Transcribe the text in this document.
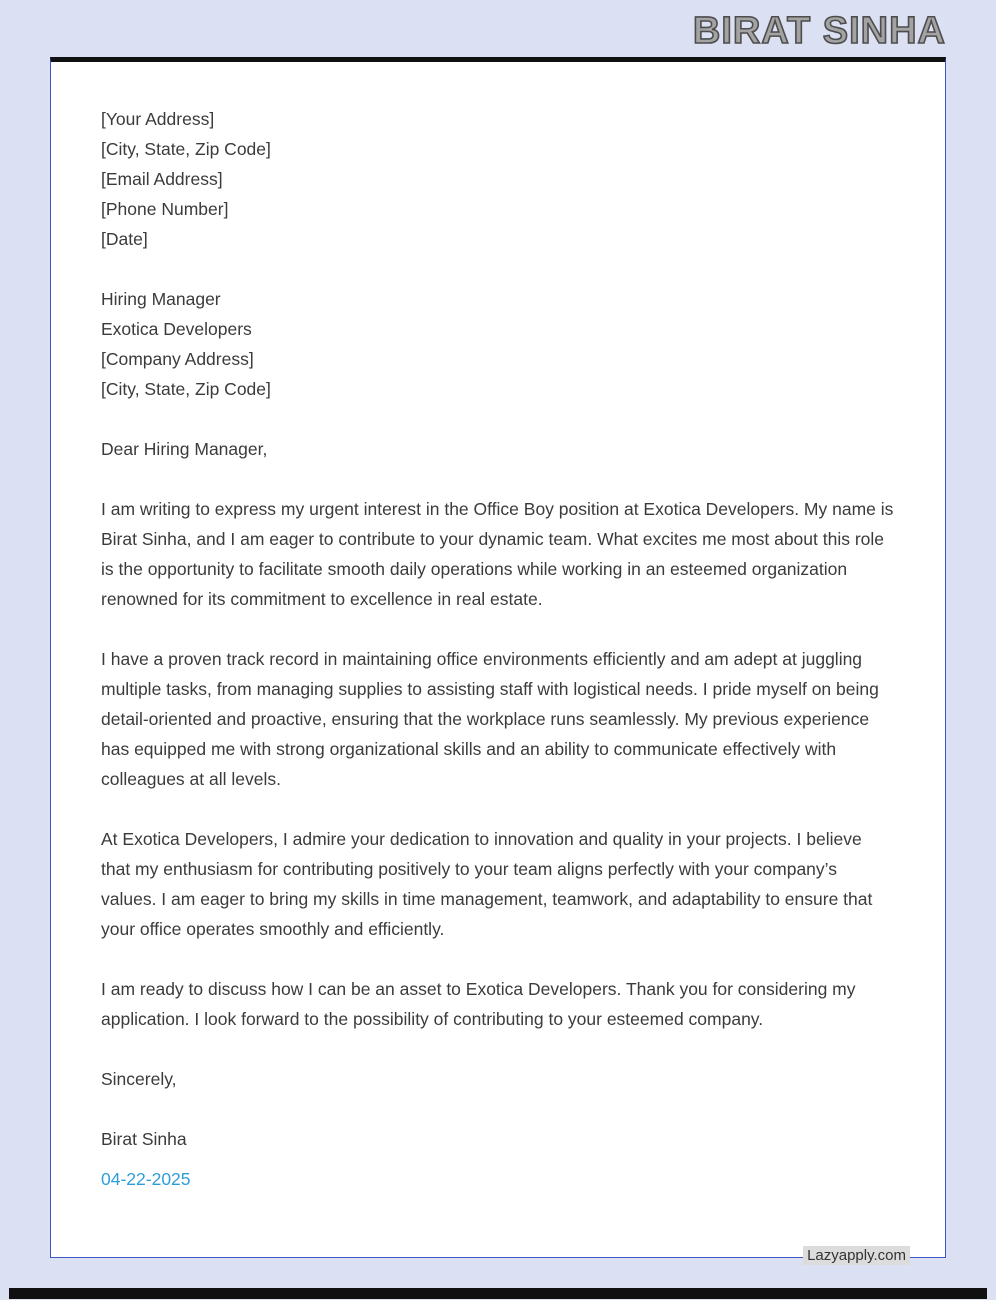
BIRAT SINHA
[Your Address]
[City, State, Zip Code]
[Email Address]
[Phone Number]
[Date]
Hiring Manager
Exotica Developers
[Company Address]
[City, State, Zip Code]
Dear Hiring Manager,

I am writing to express my urgent interest in the Office Boy position at Exotica Developers. My name is Birat Sinha, and I am eager to contribute to your dynamic team. What excites me most about this role is the opportunity to facilitate smooth daily operations while working in an esteemed organization renowned for its commitment to excellence in real estate.

I have a proven track record in maintaining office environments efficiently and am adept at juggling multiple tasks, from managing supplies to assisting staff with logistical needs. I pride myself on being detail-oriented and proactive, ensuring that the workplace runs seamlessly. My previous experience has equipped me with strong organizational skills and an ability to communicate effectively with colleagues at all levels.

At Exotica Developers, I admire your dedication to innovation and quality in your projects. I believe that my enthusiasm for contributing positively to your team aligns perfectly with your company’s values. I am eager to bring my skills in time management, teamwork, and adaptability to ensure that your office operates smoothly and efficiently.

I am ready to discuss how I can be an asset to Exotica Developers. Thank you for considering my application. I look forward to the possibility of contributing to your esteemed company.

Sincerely,
Birat Sinha
04-22-2025
Lazyapply.com
